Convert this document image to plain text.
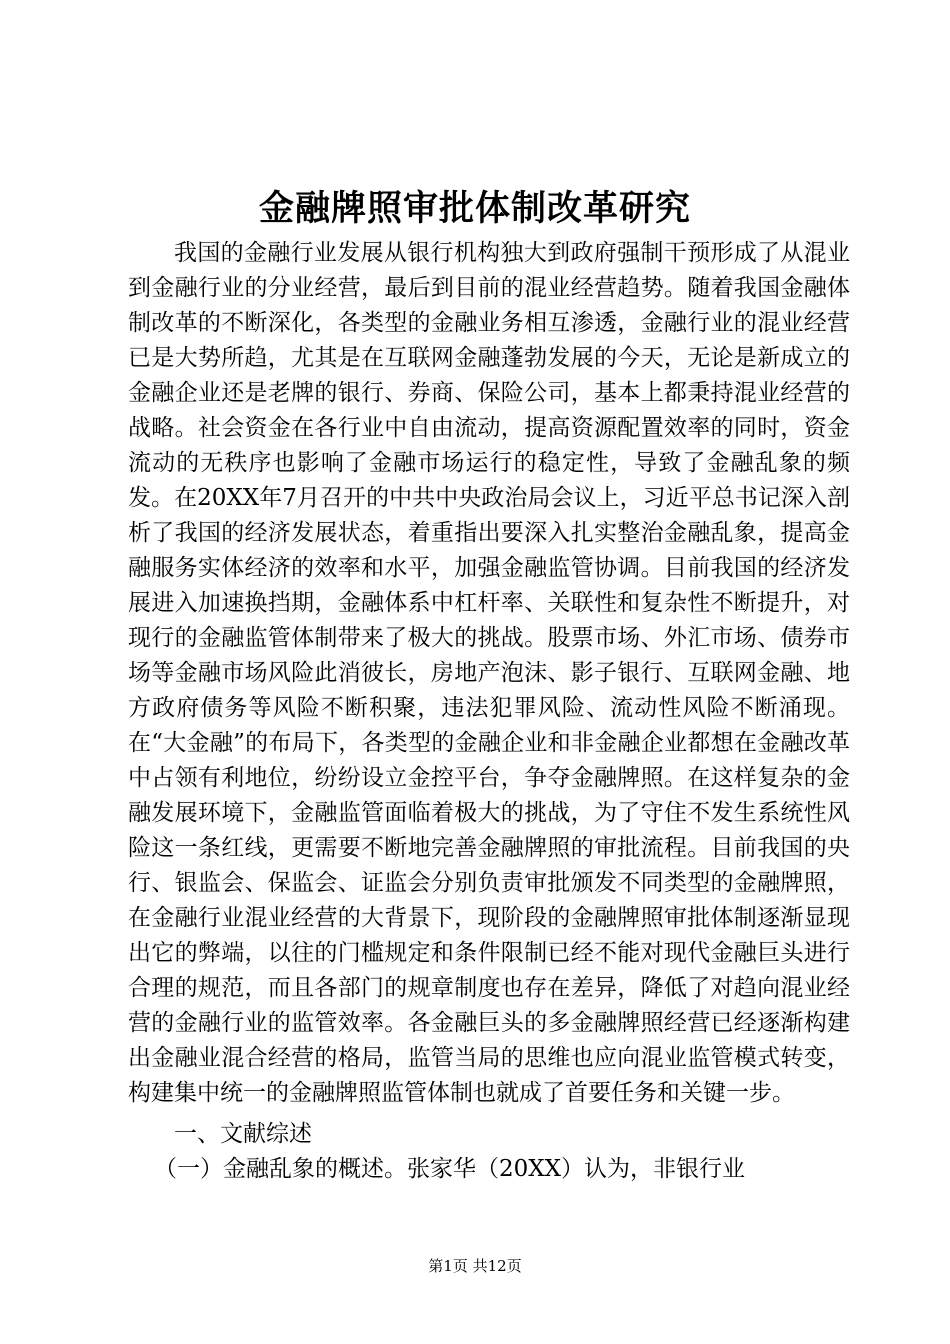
金融牌照审批体制改革研究

我国的金融行业发展从银行机构独大到政府强制干预形成了从混业到金融行业的分业经营，最后到目前的混业经营趋势。随着我国金融体制改革的不断深化，各类型的金融业务相互渗透，金融行业的混业经营已是大势所趋，尤其是在互联网金融蓬勃发展的今天，无论是新成立的金融企业还是老牌的银行、券商、保险公司，基本上都秉持混业经营的战略。社会资金在各行业中自由流动，提高资源配置效率的同时，资金流动的无秩序也影响了金融市场运行的稳定性，导致了金融乱象的频发。在20XX年7月召开的中共中央政治局会议上，习近平总书记深入剖析了我国的经济发展状态，着重指出要深入扎实整治金融乱象，提高金融服务实体经济的效率和水平，加强金融监管协调。目前我国的经济发展进入加速换挡期，金融体系中杠杆率、关联性和复杂性不断提升，对现行的金融监管体制带来了极大的挑战。股票市场、外汇市场、债券市场等金融市场风险此消彼长，房地产泡沫、影子银行、互联网金融、地方政府债务等风险不断积聚，违法犯罪风险、流动性风险不断涌现。在“大金融”的布局下，各类型的金融企业和非金融企业都想在金融改革中占领有利地位，纷纷设立金控平台，争夺金融牌照。在这样复杂的金融发展环境下，金融监管面临着极大的挑战，为了守住不发生系统性风险这一条红线，更需要不断地完善金融牌照的审批流程。目前我国的央行、银监会、保监会、证监会分别负责审批颁发不同类型的金融牌照，在金融行业混业经营的大背景下，现阶段的金融牌照审批体制逐渐显现出它的弊端，以往的门槛规定和条件限制已经不能对现代金融巨头进行合理的规范，而且各部门的规章制度也存在差异，降低了对趋向混业经营的金融行业的监管效率。各金融巨头的多金融牌照经营已经逐渐构建出金融业混合经营的格局，监管当局的思维也应向混业监管模式转变，构建集中统一的金融牌照监管体制也就成了首要任务和关键一步。

一、文献综述

（一）金融乱象的概述。张家华（20XX）认为，非银行业

第1页 共12页
